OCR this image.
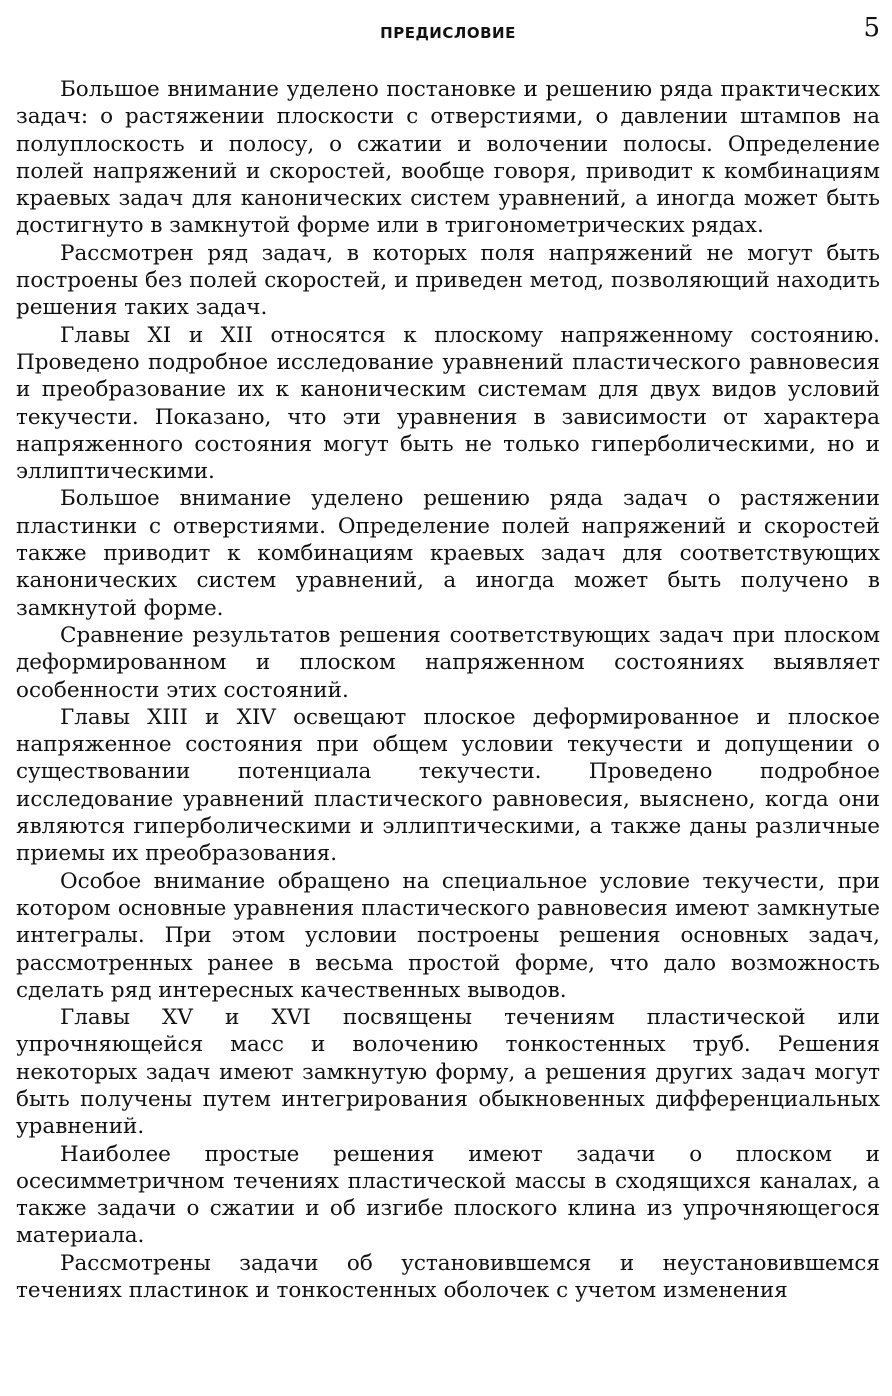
ПРЕДИСЛОВИЕ	5

Большое внимание уделено постановке и решению ряда практических задач: о растяжении плоскости с отверстиями, о давлении штампов на полуплоскость и полосу, о сжатии и волочении полосы. Определение полей напряжений и скоростей, вообще говоря, приводит к комбинациям краевых задач для канонических систем уравнений, а иногда может быть достигнуто в замкнутой форме или в тригонометрических рядах.

Рассмотрен ряд задач, в которых поля напряжений не могут быть построены без полей скоростей, и приведен метод, позволяющий находить решения таких задач.

Главы XI и XII относятся к плоскому напряженному состоянию. Проведено подробное исследование уравнений пластического равновесия и преобразование их к каноническим системам для двух видов условий текучести. Показано, что эти уравнения в зависимости от характера напряженного состояния могут быть не только гиперболическими, но и эллиптическими.

Большое внимание уделено решению ряда задач о растяжении пластинки с отверстиями. Определение полей напряжений и скоростей также приводит к комбинациям краевых задач для соответствующих канонических систем уравнений, а иногда может быть получено в замкнутой форме.

Сравнение результатов решения соответствующих задач при плоском деформированном и плоском напряженном состояниях выявляет особенности этих состояний.

Главы XIII и XIV освещают плоское деформированное и плоское напряженное состояния при общем условии текучести и допущении о существовании потенциала текучести. Проведено подробное исследование уравнений пластического равновесия, выяснено, когда они являются гиперболическими и эллиптическими, а также даны различные приемы их преобразования.

Особое внимание обращено на специальное условие текучести, при котором основные уравнения пластического равновесия имеют замкнутые интегралы. При этом условии построены решения основных задач, рассмотренных ранее в весьма простой форме, что дало возможность сделать ряд интересных качественных выводов.

Главы XV и XVI посвящены течениям пластической или упрочняющейся масс и волочению тонкостенных труб. Решения некоторых задач имеют замкнутую форму, а решения других задач могут быть получены путем интегрирования обыкновенных дифференциальных уравнений.

Наиболее простые решения имеют задачи о плоском и осесимметричном течениях пластической массы в сходящихся каналах, а также задачи о сжатии и об изгибе плоского клина из упрочняющегося материала.

Рассмотрены задачи об установившемся и неустановившемся течениях пластинок и тонкостенных оболочек с учетом изменения
